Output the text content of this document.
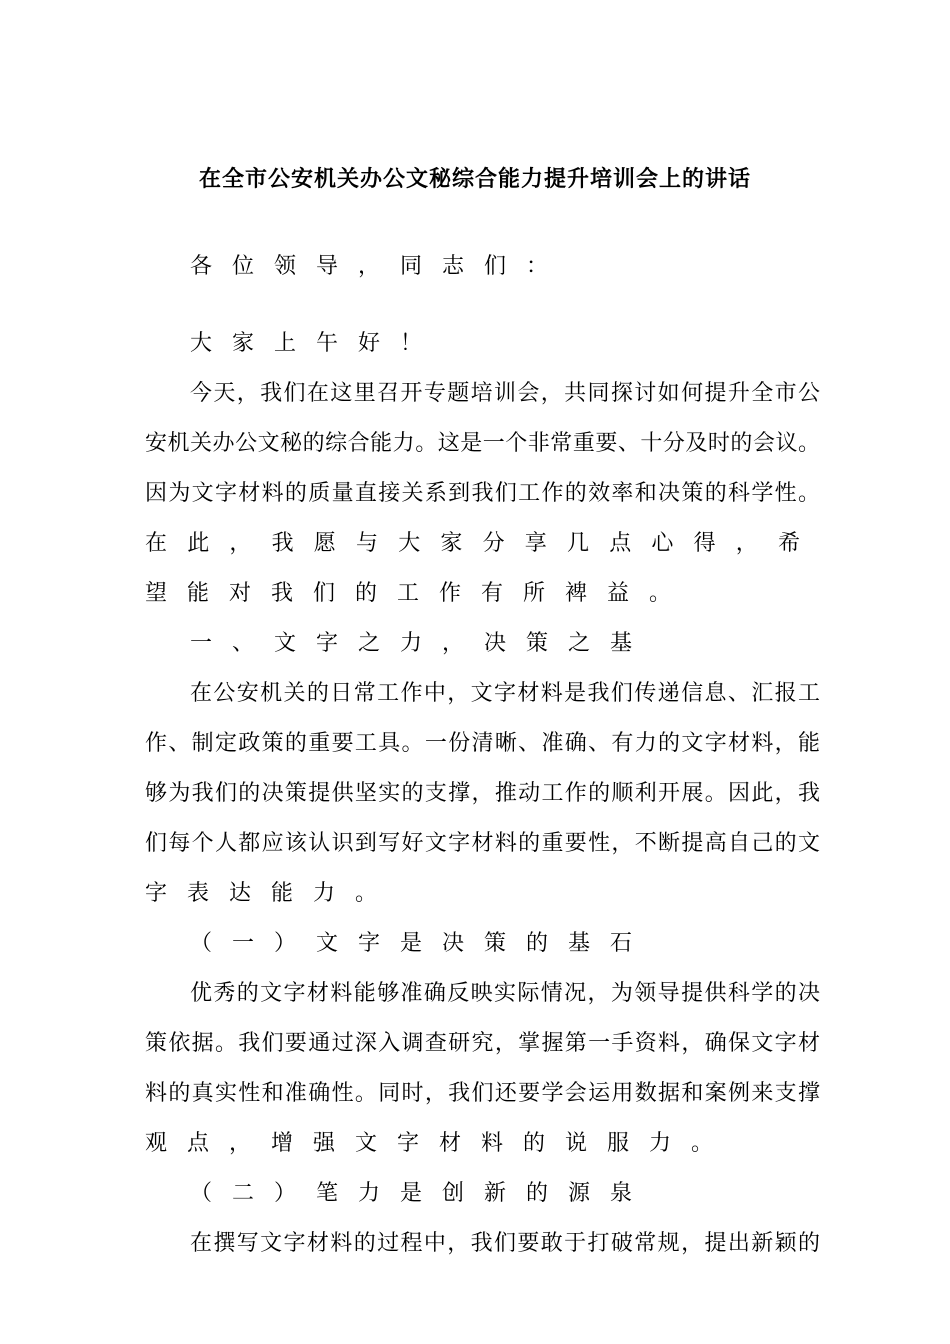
在全市公安机关办公文秘综合能力提升培训会上的讲话
各位领导，同志们：
大家上午好！
今天，我们在这里召开专题培训会，共同探讨如何提升全市公
安机关办公文秘的综合能力。这是一个非常重要、十分及时的会议。
因为文字材料的质量直接关系到我们工作的效率和决策的科学性。
在此，我愿与大家分享几点心得，希望能对我们的工作有所裨益。
一、文字之力，决策之基
在公安机关的日常工作中，文字材料是我们传递信息、汇报工
作、制定政策的重要工具。一份清晰、准确、有力的文字材料，能
够为我们的决策提供坚实的支撑，推动工作的顺利开展。因此，我
们每个人都应该认识到写好文字材料的重要性，不断提高自己的文
字表达能力。
（一）文字是决策的基石
优秀的文字材料能够准确反映实际情况，为领导提供科学的决
策依据。我们要通过深入调查研究，掌握第一手资料，确保文字材
料的真实性和准确性。同时，我们还要学会运用数据和案例来支撑
观点，增强文字材料的说服力。
（二）笔力是创新的源泉
在撰写文字材料的过程中，我们要敢于打破常规，提出新颖的
